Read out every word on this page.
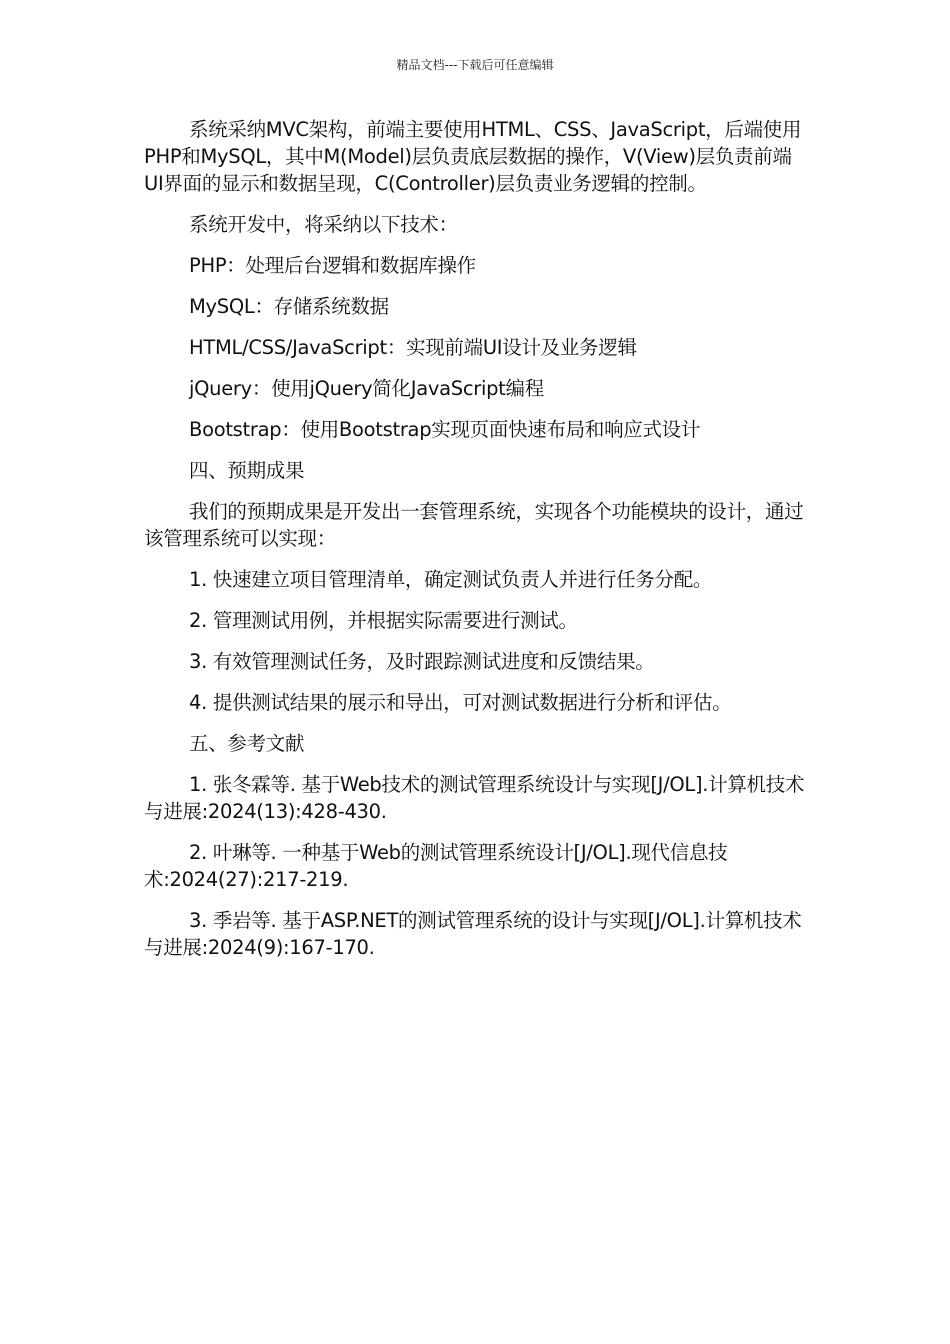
精品文档---下载后可任意编辑

系统采纳MVC架构，前端主要使用HTML、CSS、JavaScript，后端使用PHP和MySQL，其中M(Model)层负责底层数据的操作，V(View)层负责前端UI界面的显示和数据呈现，C(Controller)层负责业务逻辑的控制。

系统开发中，将采纳以下技术：

PHP：处理后台逻辑和数据库操作

MySQL：存储系统数据

HTML/CSS/JavaScript：实现前端UI设计及业务逻辑

jQuery：使用jQuery简化JavaScript编程

Bootstrap：使用Bootstrap实现页面快速布局和响应式设计

四、预期成果

我们的预期成果是开发出一套管理系统，实现各个功能模块的设计，通过该管理系统可以实现：

1. 快速建立项目管理清单，确定测试负责人并进行任务分配。

2. 管理测试用例，并根据实际需要进行测试。

3. 有效管理测试任务，及时跟踪测试进度和反馈结果。

4. 提供测试结果的展示和导出，可对测试数据进行分析和评估。

五、参考文献

1. 张冬霖等. 基于Web技术的测试管理系统设计与实现[J/OL].计算机技术与进展:2024(13):428-430.

2. 叶琳等. 一种基于Web的测试管理系统设计[J/OL].现代信息技术:2024(27):217-219.

3. 季岩等. 基于ASP.NET的测试管理系统的设计与实现[J/OL].计算机技术与进展:2024(9):167-170.
